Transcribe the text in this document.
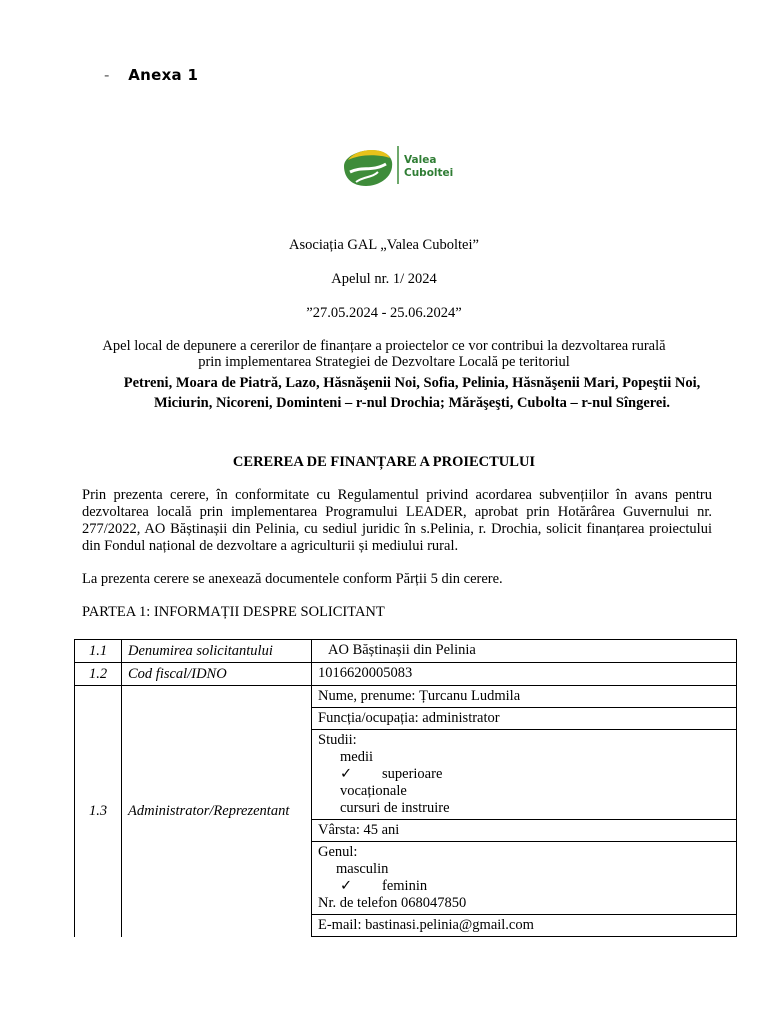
- Anexa 1
Valea
Cuboltei
Asociația GAL „Valea Cuboltei”
Apelul nr. 1/ 2024
”27.05.2024 - 25.06.2024”
Apel local de depunere a cererilor de finanțare a proiectelor ce vor contribui la dezvoltarea rurală
prin implementarea Strategiei de Dezvoltare Locală pe teritoriul
Petreni, Moara de Piatră, Lazo, Hăsnăşenii Noi, Sofia, Pelinia, Hăsnăşenii Mari, Popeştii Noi, Miciurin, Nicoreni, Dominteni – r-nul Drochia; Mărăşeşti, Cubolta – r-nul Sîngerei.
CEREREA DE FINANȚARE A PROIECTULUI
Prin prezenta cerere, în conformitate cu Regulamentul privind acordarea subvențiilor în avans pentru dezvoltarea locală prin implementarea Programului LEADER, aprobat prin Hotărârea Guvernului nr. 277/2022, AO Băștinașii din Pelinia, cu sediul juridic în s.Pelinia, r. Drochia, solicit finanțarea proiectului din Fondul național de dezvoltare a agriculturii și mediului rural.
La prezenta cerere se anexează documentele conform Părții 5 din cerere.
PARTEA 1: INFORMAȚII DESPRE SOLICITANT
1.1	Denumirea solicitantului	AO Băștinașii din Pelinia
1.2	Cod fiscal/IDNO	1016620005083
1.3	Administrator/Reprezentant	Nume, prenume: Țurcanu Ludmila
		Funcția/ocupația: administrator

		Studii:
medii
✓ superioare
vocaționale
cursuri de instruire

		Vârsta: 45 ani

		Genul:
masculin
✓ feminin
Nr. de telefon 068047850

		E-mail: bastinasi.pelinia@gmail.com
